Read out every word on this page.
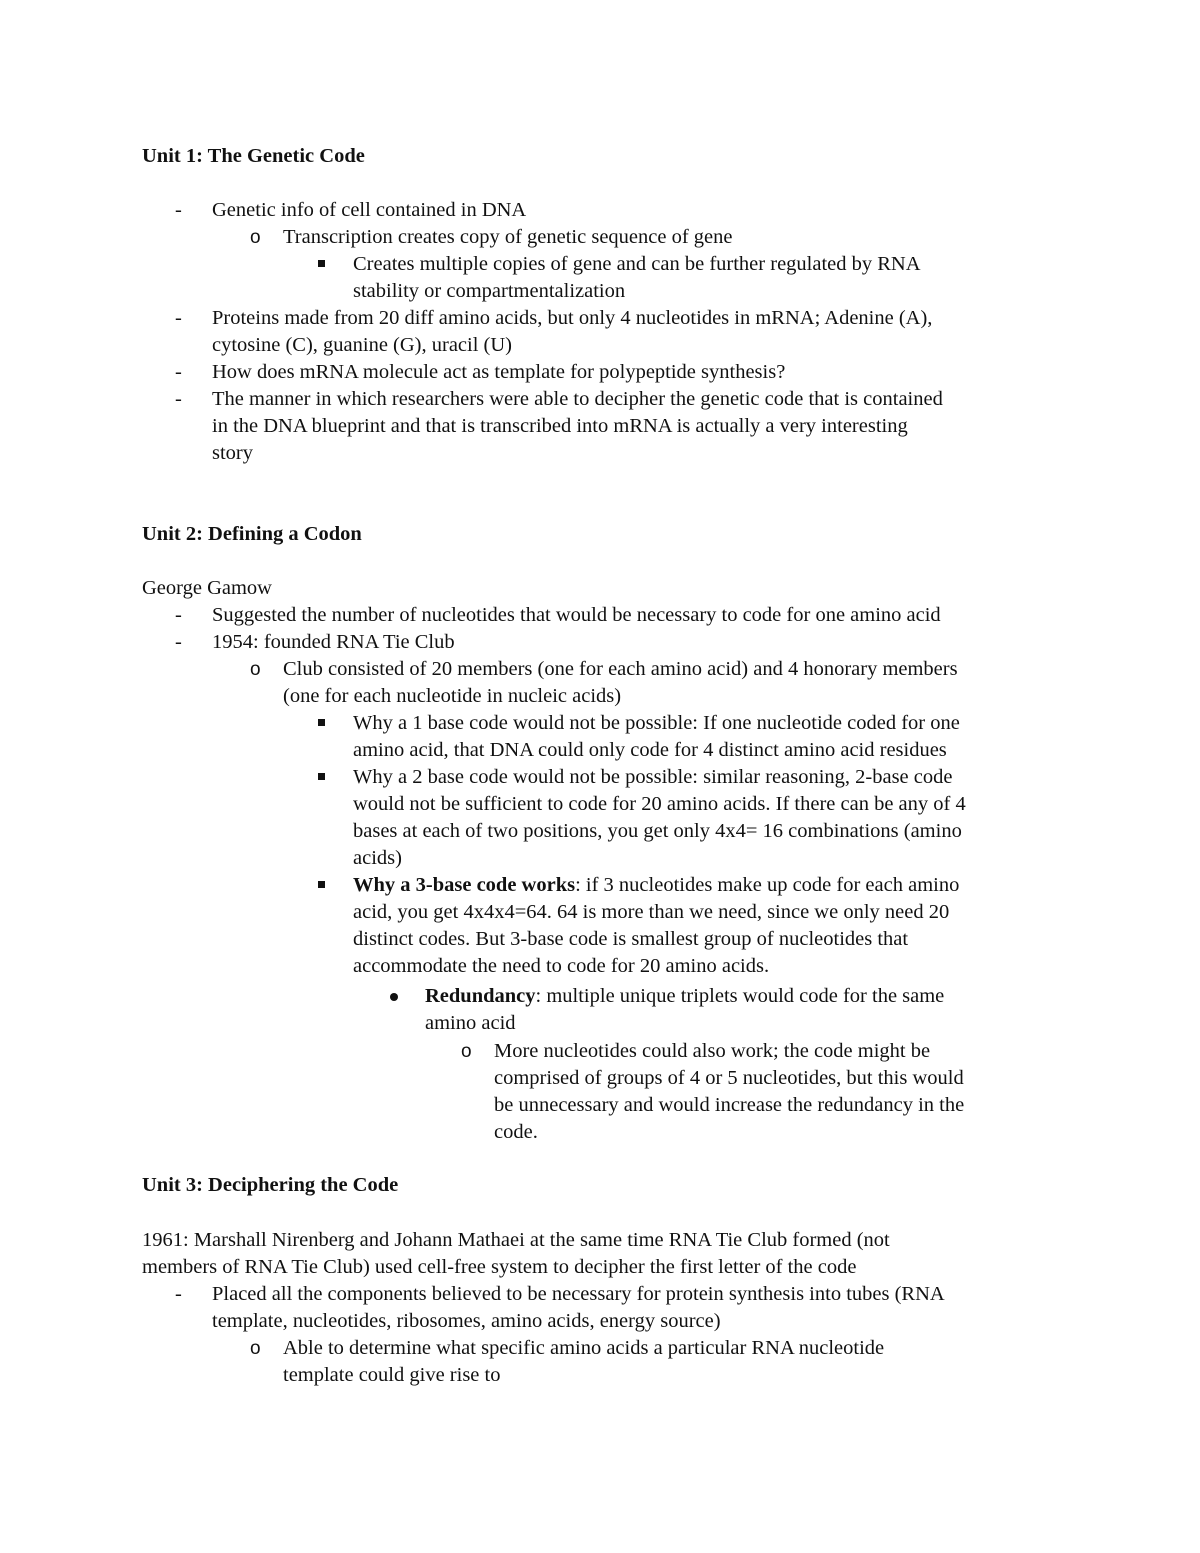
Unit 1: The Genetic Code
- Genetic info of cell contained in DNA
o Transcription creates copy of genetic sequence of gene
Creates multiple copies of gene and can be further regulated by RNA
stability or compartmentalization
- Proteins made from 20 diff amino acids, but only 4 nucleotides in mRNA; Adenine (A),
cytosine (C), guanine (G), uracil (U)
- How does mRNA molecule act as template for polypeptide synthesis?
- The manner in which researchers were able to decipher the genetic code that is contained
in the DNA blueprint and that is transcribed into mRNA is actually a very interesting
story
Unit 2: Defining a Codon
George Gamow
- Suggested the number of nucleotides that would be necessary to code for one amino acid
- 1954: founded RNA Tie Club
o Club consisted of 20 members (one for each amino acid) and 4 honorary members
(one for each nucleotide in nucleic acids)
Why a 1 base code would not be possible: If one nucleotide coded for one
amino acid, that DNA could only code for 4 distinct amino acid residues
Why a 2 base code would not be possible: similar reasoning, 2-base code
would not be sufficient to code for 20 amino acids. If there can be any of 4
bases at each of two positions, you get only 4x4= 16 combinations (amino
acids)
Why a 3-base code works: if 3 nucleotides make up code for each amino
acid, you get 4x4x4=64. 64 is more than we need, since we only need 20
distinct codes. But 3-base code is smallest group of nucleotides that
accommodate the need to code for 20 amino acids.
Redundancy: multiple unique triplets would code for the same
amino acid
o More nucleotides could also work; the code might be
comprised of groups of 4 or 5 nucleotides, but this would
be unnecessary and would increase the redundancy in the
code.
Unit 3: Deciphering the Code
1961: Marshall Nirenberg and Johann Mathaei at the same time RNA Tie Club formed (not
members of RNA Tie Club) used cell-free system to decipher the first letter of the code
- Placed all the components believed to be necessary for protein synthesis into tubes (RNA
template, nucleotides, ribosomes, amino acids, energy source)
o Able to determine what specific amino acids a particular RNA nucleotide
template could give rise to
